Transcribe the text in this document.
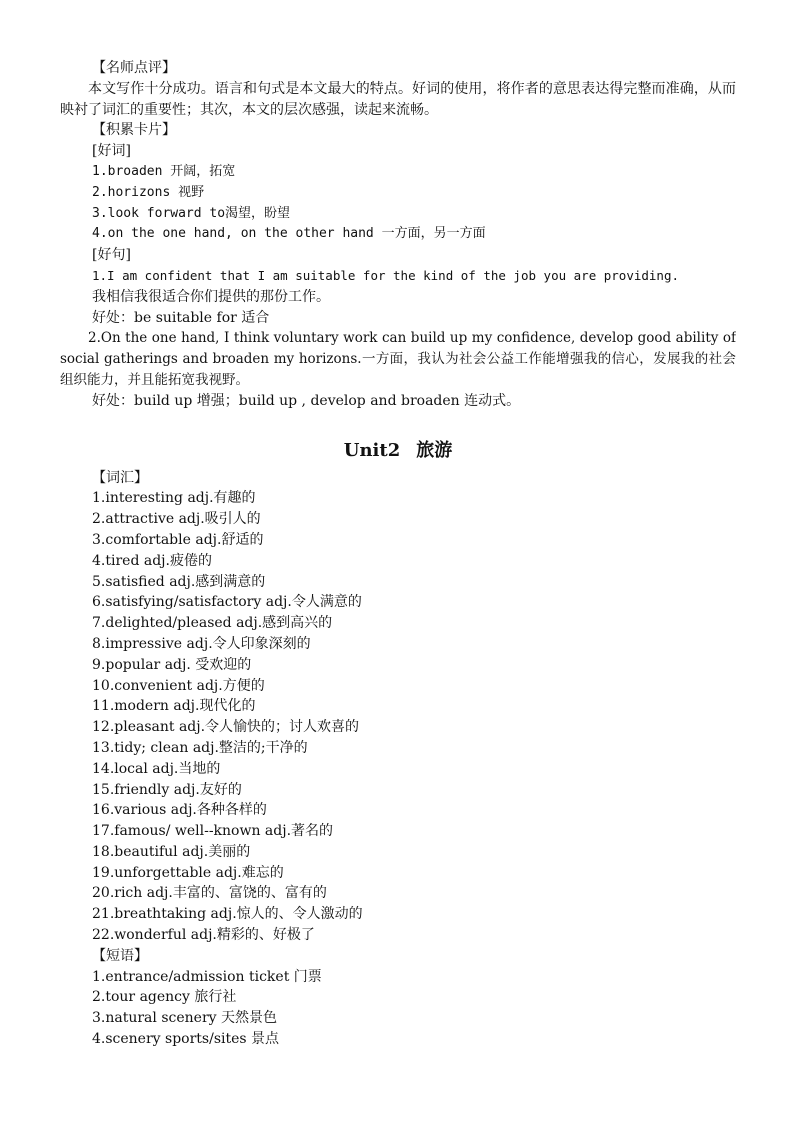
【名师点评】
本文写作十分成功。语言和句式是本文最大的特点。好词的使用，将作者的意思表达得完整而准确，从而映衬了词汇的重要性；其次，本文的层次感强，读起来流畅。
【积累卡片】
[好词]
1.broaden 开阔，拓宽
2.horizons 视野
3.look forward to渴望，盼望
4.on the one hand, on the other hand 一方面，另一方面
[好句]
1.I am confident that I am suitable for the kind of the job you are providing.
我相信我很适合你们提供的那份工作。
好处：be suitable for 适合
2.On the one hand, I think voluntary work can build up my confidence, develop good ability of social gatherings and broaden my horizons.一方面，我认为社会公益工作能增强我的信心，发展我的社会组织能力，并且能拓宽我视野。
好处：build up 增强；build up , develop and broaden 连动式。
Unit2 旅游
【词汇】
1.interesting adj.有趣的
2.attractive adj.吸引人的
3.comfortable adj.舒适的
4.tired adj.疲倦的
5.satisfied adj.感到满意的
6.satisfying/satisfactory adj.令人满意的
7.delighted/pleased adj.感到高兴的
8.impressive adj.令人印象深刻的
9.popular adj. 受欢迎的
10.convenient adj.方便的
11.modern adj.现代化的
12.pleasant adj.令人愉快的；讨人欢喜的
13.tidy; clean adj.整洁的;干净的
14.local adj.当地的
15.friendly adj.友好的
16.various adj.各种各样的
17.famous/ well--known adj.著名的
18.beautiful adj.美丽的
19.unforgettable adj.难忘的
20.rich adj.丰富的、富饶的、富有的
21.breathtaking adj.惊人的、令人激动的
22.wonderful adj.精彩的、好极了
【短语】
1.entrance/admission ticket 门票
2.tour agency 旅行社
3.natural scenery 天然景色
4.scenery sports/sites 景点
